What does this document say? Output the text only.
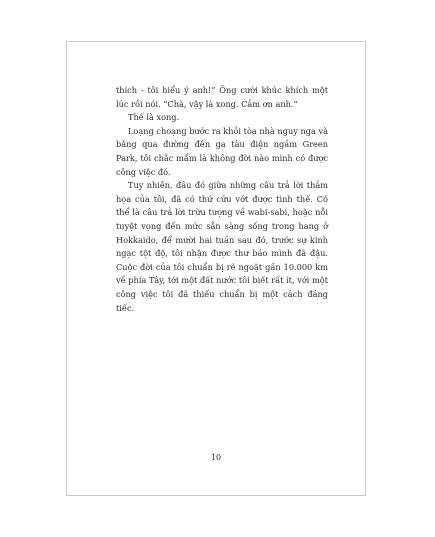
thích - tôi hiểu ý anh!” Ông cười khúc khích một lúc rồi nói. “Chà, vậy là xong. Cảm ơn anh.”

Thế là xong.

Loạng choạng bước ra khỏi tòa nhà nguy nga và băng qua đường đến ga tàu điện ngầm Green Park, tôi chắc mẩm là không đời nào mình có được công việc đó.

Tuy nhiên, đâu đó giữa những câu trả lời thảm họa của tôi, đã có thứ cứu vớt được tình thế. Có thể là câu trả lời trừu tượng về wabi-sabi, hoặc nỗi tuyệt vọng đến mức sẵn sàng sống trong hang ở Hokkaido, để mười hai tuần sau đó, trước sự kinh ngạc tột độ, tôi nhận được thư báo mình đã đậu. Cuộc đời của tôi chuẩn bị rẽ ngoặt gần 10.000 km về phía Tây, tới một đất nước tôi biết rất ít, với một công việc tôi đã thiếu chuẩn bị một cách đáng tiếc.

10
